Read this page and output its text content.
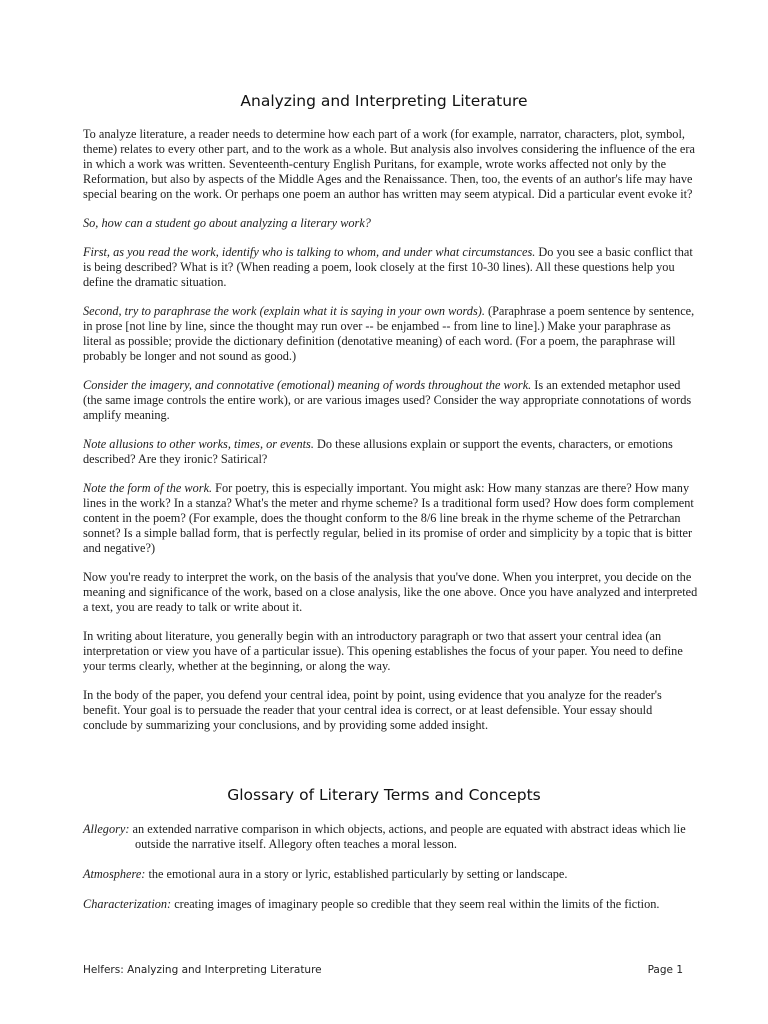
Analyzing and Interpreting Literature

To analyze literature, a reader needs to determine how each part of a work (for example, narrator, characters, plot, symbol, theme) relates to every other part, and to the work as a whole. But analysis also involves considering the influence of the era in which a work was written. Seventeenth-century English Puritans, for example, wrote works affected not only by the Reformation, but also by aspects of the Middle Ages and the Renaissance. Then, too, the events of an author's life may have special bearing on the work. Or perhaps one poem an author has written may seem atypical. Did a particular event evoke it?

So, how can a student go about analyzing a literary work?

First, as you read the work, identify who is talking to whom, and under what circumstances. Do you see a basic conflict that is being described? What is it? (When reading a poem, look closely at the first 10-30 lines). All these questions help you define the dramatic situation.

Second, try to paraphrase the work (explain what it is saying in your own words). (Paraphrase a poem sentence by sentence, in prose [not line by line, since the thought may run over -- be enjambed -- from line to line].) Make your paraphrase as literal as possible; provide the dictionary definition (denotative meaning) of each word. (For a poem, the paraphrase will probably be longer and not sound as good.)

Consider the imagery, and connotative (emotional) meaning of words throughout the work. Is an extended metaphor used (the same image controls the entire work), or are various images used? Consider the way appropriate connotations of words amplify meaning.

Note allusions to other works, times, or events. Do these allusions explain or support the events, characters, or emotions described? Are they ironic? Satirical?

Note the form of the work. For poetry, this is especially important. You might ask: How many stanzas are there? How many lines in the work? In a stanza? What's the meter and rhyme scheme? Is a traditional form used? How does form complement content in the poem? (For example, does the thought conform to the 8/6 line break in the rhyme scheme of the Petrarchan sonnet? Is a simple ballad form, that is perfectly regular, belied in its promise of order and simplicity by a topic that is bitter and negative?)

Now you're ready to interpret the work, on the basis of the analysis that you've done. When you interpret, you decide on the meaning and significance of the work, based on a close analysis, like the one above. Once you have analyzed and interpreted a text, you are ready to talk or write about it.

In writing about literature, you generally begin with an introductory paragraph or two that assert your central idea (an interpretation or view you have of a particular issue). This opening establishes the focus of your paper. You need to define your terms clearly, whether at the beginning, or along the way.

In the body of the paper, you defend your central idea, point by point, using evidence that you analyze for the reader's benefit. Your goal is to persuade the reader that your central idea is correct, or at least defensible. Your essay should conclude by summarizing your conclusions, and by providing some added insight.

Glossary of Literary Terms and Concepts

Allegory: an extended narrative comparison in which objects, actions, and people are equated with abstract ideas which lie outside the narrative itself. Allegory often teaches a moral lesson.

Atmosphere: the emotional aura in a story or lyric, established particularly by setting or landscape.

Characterization: creating images of imaginary people so credible that they seem real within the limits of the fiction.

Helfers: Analyzing and Interpreting Literature	Page 1
